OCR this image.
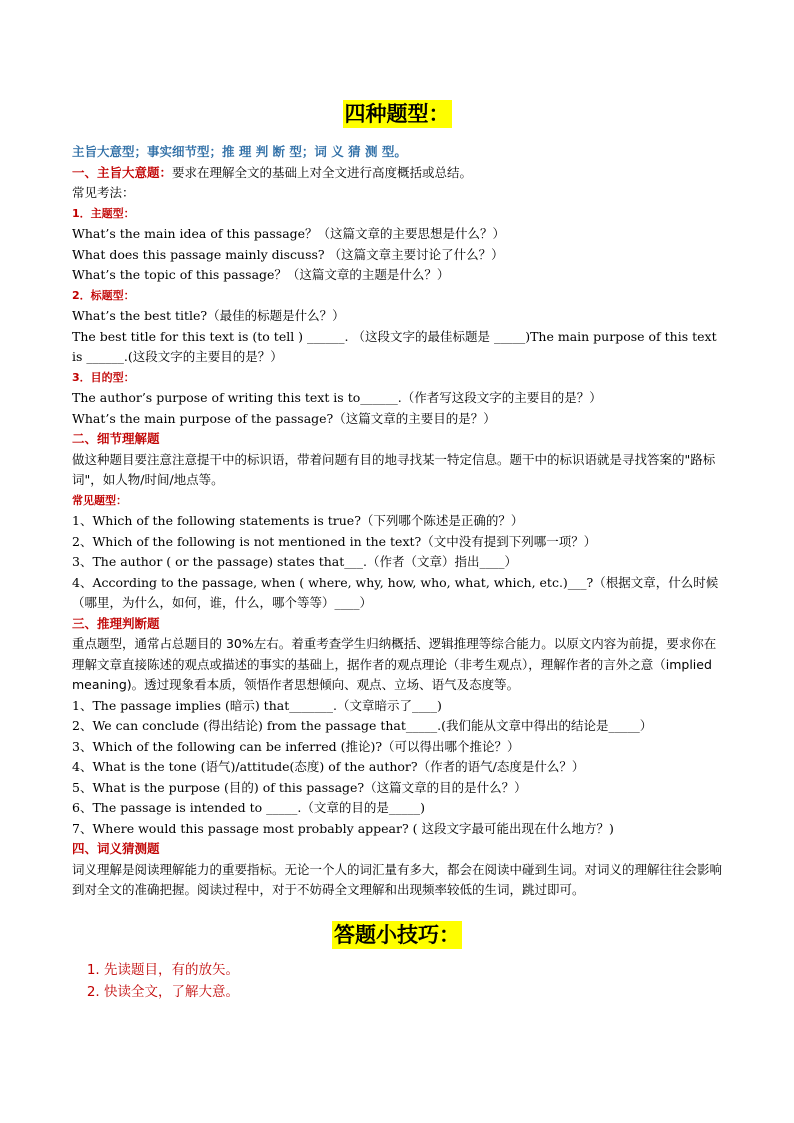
四种题型：
主旨大意型；事实细节型；推 理 判 断 型；词 义 猜 测 型。
一、主旨大意题：要求在理解全文的基础上对全文进行高度概括或总结。
常见考法：
1．主题型：
What’s the main idea of this passage？（这篇文章的主要思想是什么？）
What does this passage mainly discuss? （这篇文章主要讨论了什么？）
What’s the topic of this passage？（这篇文章的主题是什么？）
2．标题型：
What’s the best title?（最佳的标题是什么？）
The best title for this text is (to tell ) ______. （这段文字的最佳标题是 _____)The main purpose of this text is ______.(这段文字的主要目的是？）
3．目的型：
The author’s purpose of writing this text is to______.（作者写这段文字的主要目的是？）
What’s the main purpose of the passage?（这篇文章的主要目的是？）
二、细节理解题
做这种题目要注意注意提干中的标识语，带着问题有目的地寻找某一特定信息。题干中的标识语就是寻找答案的"路标词"，如人物/时间/地点等。
常见题型：
1、Which of the following statements is true?（下列哪个陈述是正确的？）
2、Which of the following is not mentioned in the text?（文中没有提到下列哪一项？）
3、The author ( or the passage) states that___.（作者（文章）指出____）
4、According to the passage, when ( where, why, how, who, what, which, etc.)___?（根据文章，什么时候（哪里，为什么，如何，谁，什么，哪个等等）____）
三、推理判断题
重点题型，通常占总题目的 30%左右。着重考查学生归纳概括、逻辑推理等综合能力。以原文内容为前提，要求你在理解文章直接陈述的观点或描述的事实的基础上，据作者的观点理论（非考生观点），理解作者的言外之意（implied meaning)。透过现象看本质，领悟作者思想倾向、观点、立场、语气及态度等。
1、The passage implies (暗示) that_______.（文章暗示了____)
2、We can conclude (得出结论) from the passage that_____.(我们能从文章中得出的结论是_____）
3、Which of the following can be inferred (推论)?（可以得出哪个推论？）
4、What is the tone (语气)/attitude(态度) of the author?（作者的语气/态度是什么？）
5、What is the purpose (目的) of this passage?（这篇文章的目的是什么？）
6、The passage is intended to _____.（文章的目的是_____)
7、Where would this passage most probably appear? ( 这段文字最可能出现在什么地方？)
四、词义猜测题
词义理解是阅读理解能力的重要指标。无论一个人的词汇量有多大，都会在阅读中碰到生词。对词义的理解往往会影响到对全文的准确把握。阅读过程中，对于不妨碍全文理解和出现频率较低的生词，跳过即可。
答题小技巧：
1. 先读题目，有的放矢。
2. 快读全文，了解大意。
